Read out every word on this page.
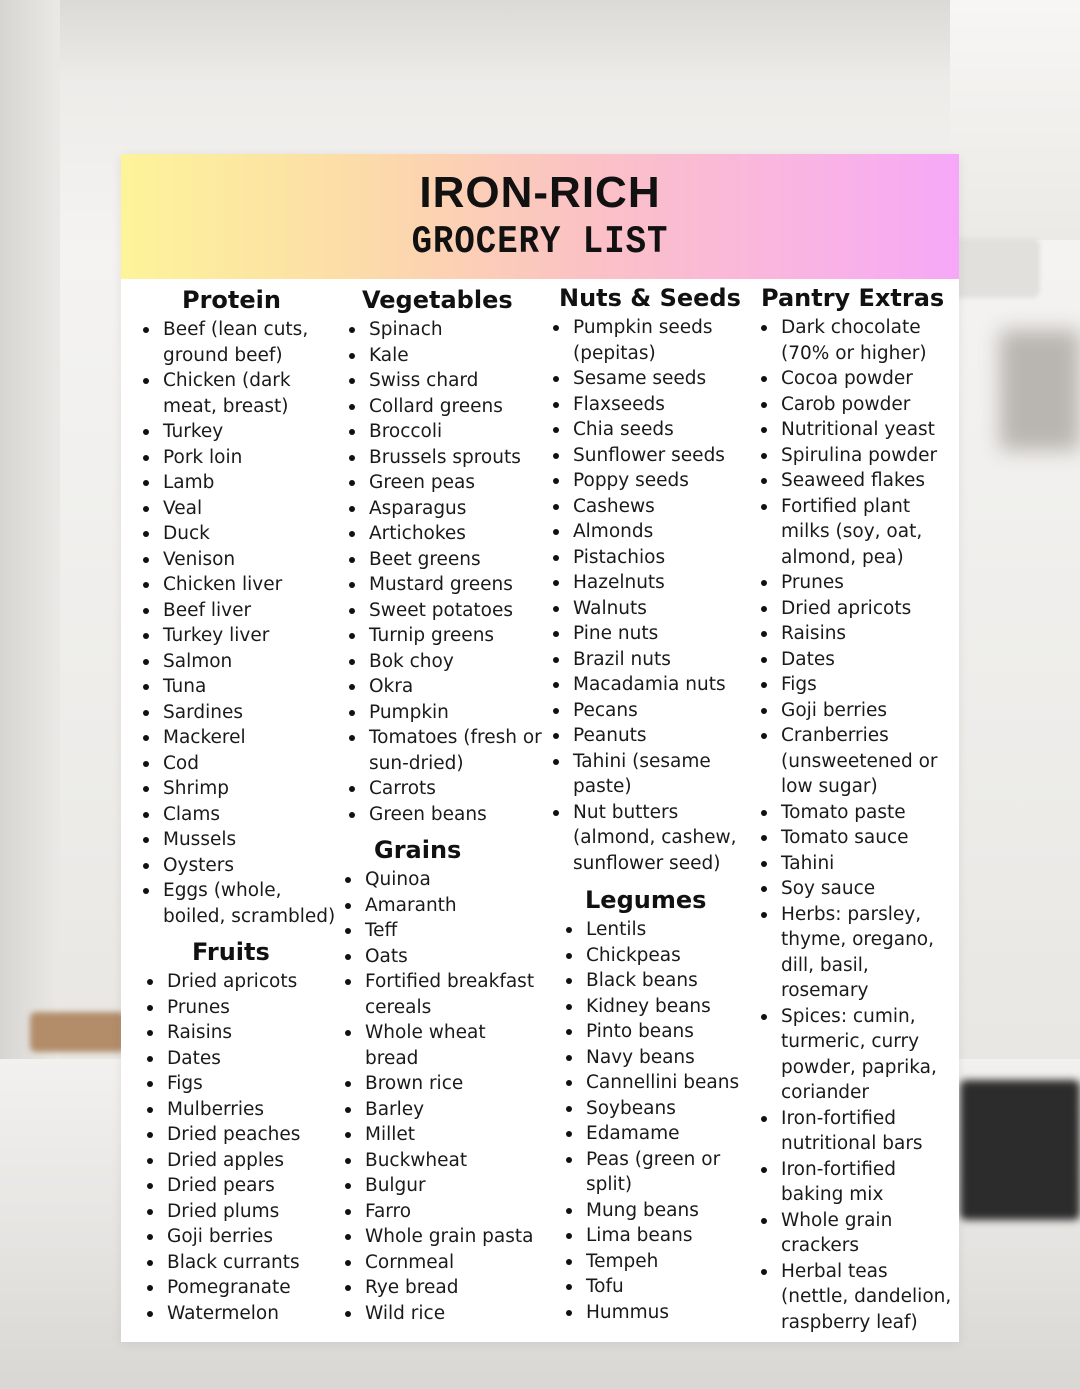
IRON-RICH
GROCERY LIST
Protein
Beef (lean cuts, ground beef)
Chicken (dark meat, breast)
Turkey
Pork loin
Lamb
Veal
Duck
Venison
Chicken liver
Beef liver
Turkey liver
Salmon
Tuna
Sardines
Mackerel
Cod
Shrimp
Clams
Mussels
Oysters
Eggs (whole, boiled, scrambled)
Fruits
Dried apricots
Prunes
Raisins
Dates
Figs
Mulberries
Dried peaches
Dried apples
Dried pears
Dried plums
Goji berries
Black currants
Pomegranate
Watermelon
Vegetables
Spinach
Kale
Swiss chard
Collard greens
Broccoli
Brussels sprouts
Green peas
Asparagus
Artichokes
Beet greens
Mustard greens
Sweet potatoes
Turnip greens
Bok choy
Okra
Pumpkin
Tomatoes (fresh or sun-dried)
Carrots
Green beans
Grains
Quinoa
Amaranth
Teff
Oats
Fortified breakfast cereals
Whole wheat bread
Brown rice
Barley
Millet
Buckwheat
Bulgur
Farro
Whole grain pasta
Cornmeal
Rye bread
Wild rice
Nuts & Seeds
Pumpkin seeds (pepitas)
Sesame seeds
Flaxseeds
Chia seeds
Sunflower seeds
Poppy seeds
Cashews
Almonds
Pistachios
Hazelnuts
Walnuts
Pine nuts
Brazil nuts
Macadamia nuts
Pecans
Peanuts
Tahini (sesame paste)
Nut butters (almond, cashew, sunflower seed)
Legumes
Lentils
Chickpeas
Black beans
Kidney beans
Pinto beans
Navy beans
Cannellini beans
Soybeans
Edamame
Peas (green or split)
Mung beans
Lima beans
Tempeh
Tofu
Hummus
Pantry Extras
Dark chocolate (70% or higher)
Cocoa powder
Carob powder
Nutritional yeast
Spirulina powder
Seaweed flakes
Fortified plant milks (soy, oat, almond, pea)
Prunes
Dried apricots
Raisins
Dates
Figs
Goji berries
Cranberries (unsweetened or low sugar)
Tomato paste
Tomato sauce
Tahini
Soy sauce
Herbs: parsley, thyme, oregano, dill, basil, rosemary
Spices: cumin, turmeric, curry powder, paprika, coriander
Iron-fortified nutritional bars
Iron-fortified baking mix
Whole grain crackers
Herbal teas (nettle, dandelion, raspberry leaf)
